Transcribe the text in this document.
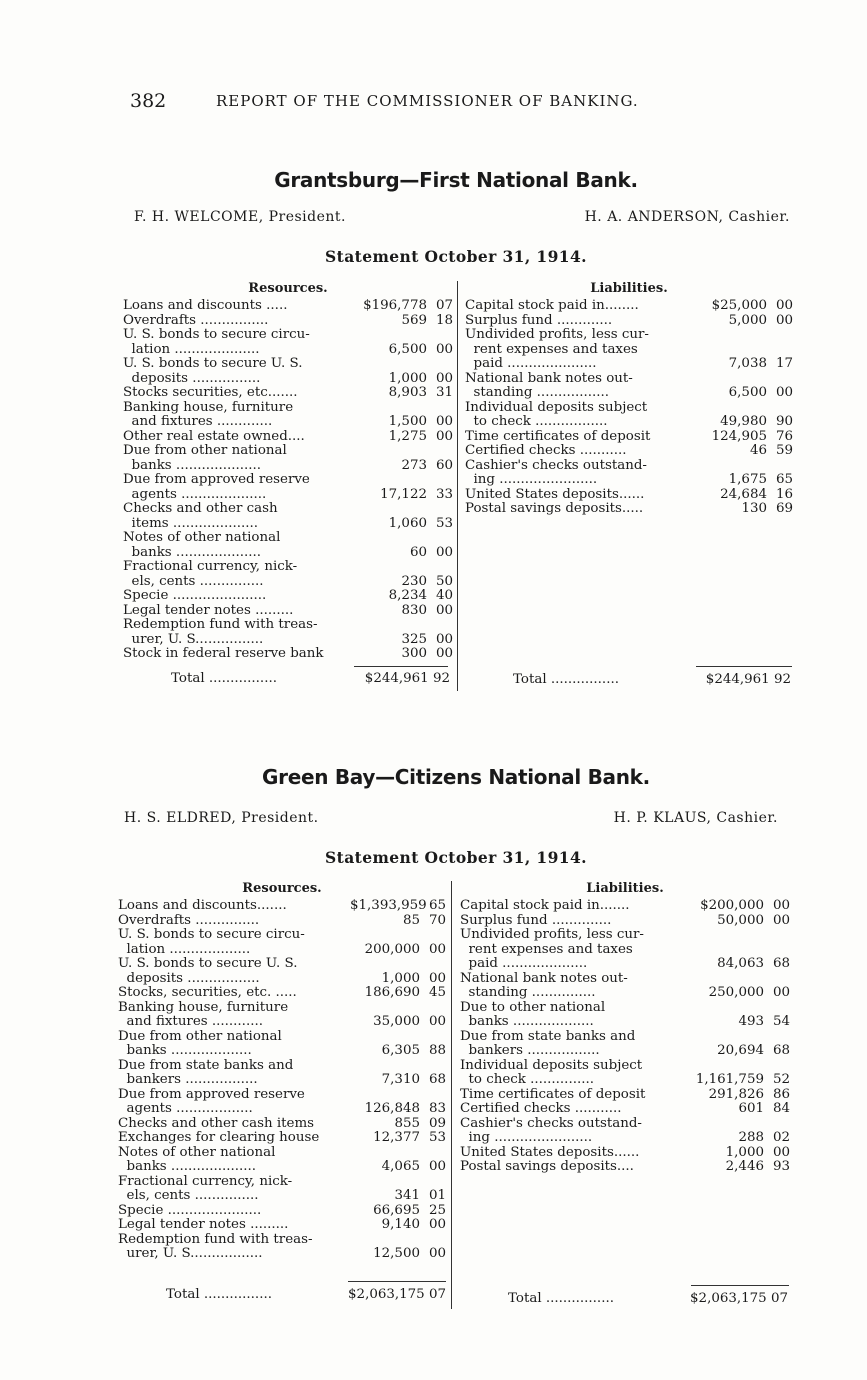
382	REPORT OF THE COMMISSIONER OF BANKING.
Grantsburg—First National Bank.
F. H. WELCOME, President.	H. A. ANDERSON, Cashier.
Statement October 31, 1914.
Resources.
Loans and discounts .....	$196,778 07
Overdrafts ................	569 18
U. S. bonds to secure circu-
lation ....................	6,500 00
U. S. bonds to secure U. S.
deposits ................	1,000 00
Stocks securities, etc.......	8,903 31
Banking house, furniture
and fixtures .............	1,500 00
Other real estate owned....	1,275 00
Due from other national
banks ....................	273 60
Due from approved reserve
agents ....................	17,122 33
Checks and other cash
items ....................	1,060 53
Notes of other national
banks ....................	60 00
Fractional currency, nick-
els, cents ...............	230 50
Specie ......................	8,234 40
Legal tender notes .........	830 00
Redemption fund with treas-
urer, U. S................	325 00
Stock in federal reserve bank	300 00
Liabilities.
Capital stock paid in........	$25,000 00
Surplus fund .............	5,000 00
Undivided profits, less cur-
rent expenses and taxes
paid .....................	7,038 17
National bank notes out-
standing .................	6,500 00
Individual deposits subject
to check .................	49,980 90
Time certificates of deposit	124,905 76
Certified checks ...........	46 59
Cashier's checks outstand-
ing .......................	1,675 65
United States deposits......	24,684 16
Postal savings deposits.....	130 69
Total ................	$244,961 92	Total ................	$244,961 92
Green Bay—Citizens National Bank.
H. S. ELDRED, President.	H. P. KLAUS, Cashier.
Statement October 31, 1914.
Resources.
Loans and discounts.......	$1,393,959 65
Overdrafts ...............	85 70
U. S. bonds to secure circu-
lation ...................	200,000 00
U. S. bonds to secure U. S.
deposits .................	1,000 00
Stocks, securities, etc. .....	186,690 45
Banking house, furniture
and fixtures ............	35,000 00
Due from other national
banks ...................	6,305 88
Due from state banks and
bankers .................	7,310 68
Due from approved reserve
agents ..................	126,848 83
Checks and other cash items	855 09
Exchanges for clearing house	12,377 53
Notes of other national
banks ....................	4,065 00
Fractional currency, nick-
els, cents ...............	341 01
Specie ......................	66,695 25
Legal tender notes .........	9,140 00
Redemption fund with treas-
urer, U. S.................	12,500 00
Liabilities.
Capital stock paid in.......	$200,000 00
Surplus fund ..............	50,000 00
Undivided profits, less cur-
rent expenses and taxes
paid ....................	84,063 68
National bank notes out-
standing ...............	250,000 00
Due to other national
banks ...................	493 54
Due from state banks and
bankers .................	20,694 68
Individual deposits subject
to check ...............	1,161,759 52
Time certificates of deposit	291,826 86
Certified checks ...........	601 84
Cashier's checks outstand-
ing .......................	288 02
United States deposits......	1,000 00
Postal savings deposits....	2,446 93
Total ................	$2,063,175 07	Total ................	$2,063,175 07
